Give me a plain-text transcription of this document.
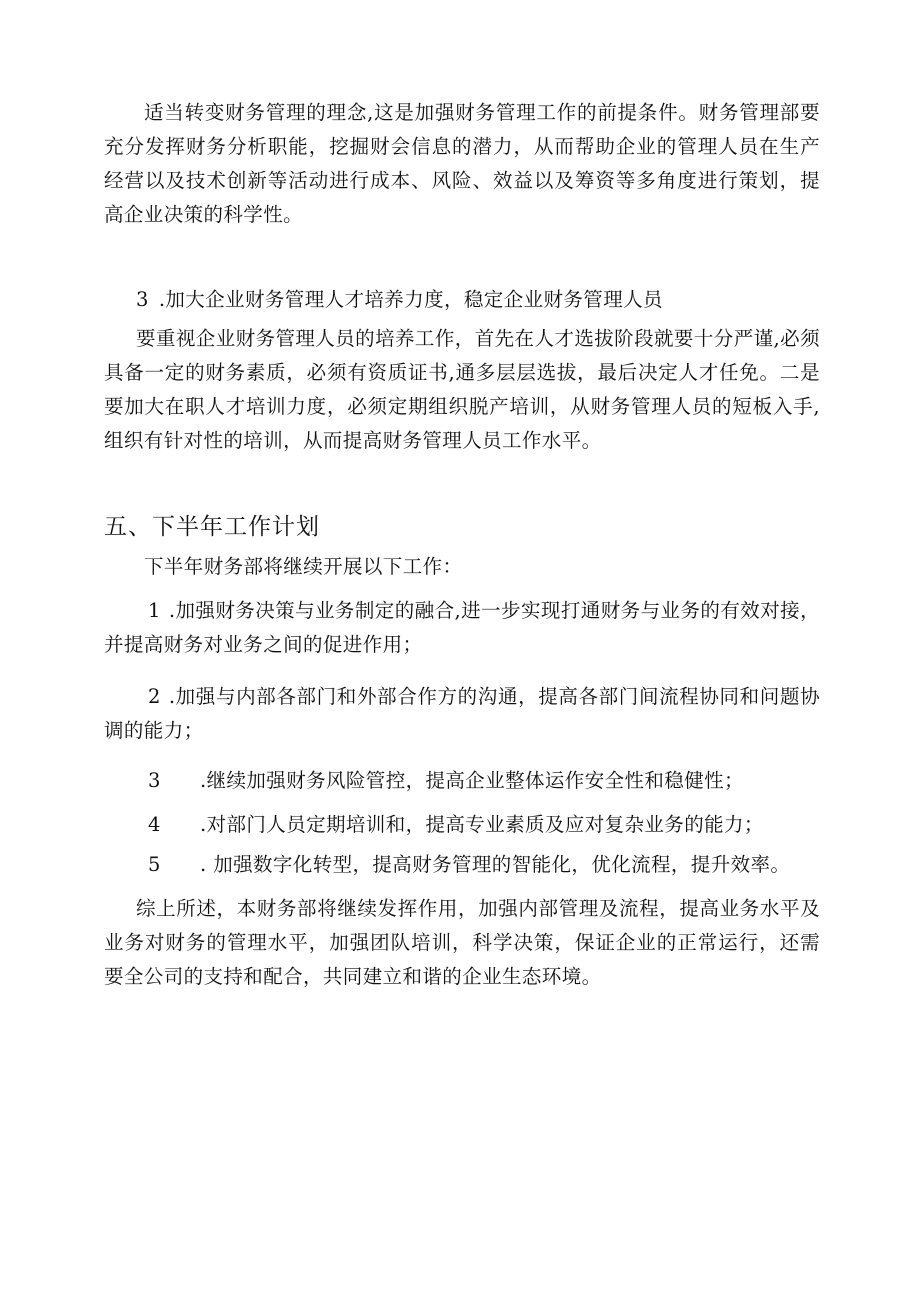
适当转变财务管理的理念,这是加强财务管理工作的前提条件。财务管理部要充分发挥财务分析职能，挖掘财会信息的潜力，从而帮助企业的管理人员在生产经营以及技术创新等活动进行成本、风险、效益以及筹资等多角度进行策划，提高企业决策的科学性。

3 .加大企业财务管理人才培养力度，稳定企业财务管理人员

要重视企业财务管理人员的培养工作，首先在人才选拔阶段就要十分严谨,必须具备一定的财务素质，必须有资质证书,通多层层选拔，最后决定人才任免。二是要加大在职人才培训力度，必须定期组织脱产培训，从财务管理人员的短板入手,组织有针对性的培训，从而提高财务管理人员工作水平。

五、下半年工作计划

下半年财务部将继续开展以下工作：

1 .加强财务决策与业务制定的融合,进一步实现打通财务与业务的有效对接，并提高财务对业务之间的促进作用；

2 .加强与内部各部门和外部合作方的沟通，提高各部门间流程协同和问题协调的能力；

3 .继续加强财务风险管控，提高企业整体运作安全性和稳健性；

4 .对部门人员定期培训和，提高专业素质及应对复杂业务的能力；

5 . 加强数字化转型，提高财务管理的智能化，优化流程，提升效率。

综上所述，本财务部将继续发挥作用，加强内部管理及流程，提高业务水平及业务对财务的管理水平，加强团队培训，科学决策，保证企业的正常运行，还需要全公司的支持和配合，共同建立和谐的企业生态环境。
